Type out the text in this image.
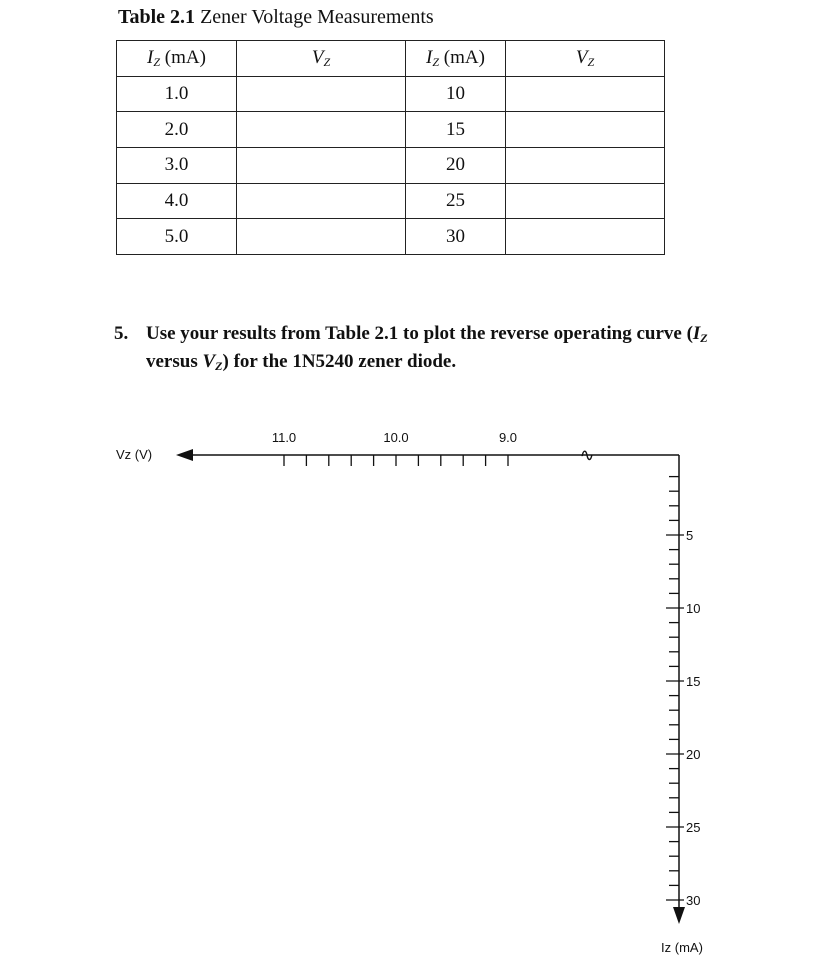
Table 2.1 Zener Voltage Measurements
$I_Z$ (mA)	$V_Z$	$I_Z$ (mA)	$V_Z$
1.0		10	
2.0		15	
3.0		20	
4.0		25	
5.0		30	
5. Use your results from Table 2.1 to plot the reverse operating curve ($I_Z$ versus $V_Z$) for the 1N5240 zener diode.
Vz (V)	∿
Iz (mA)
11.0	10.0	9.0
5
10
15
20
25
30
